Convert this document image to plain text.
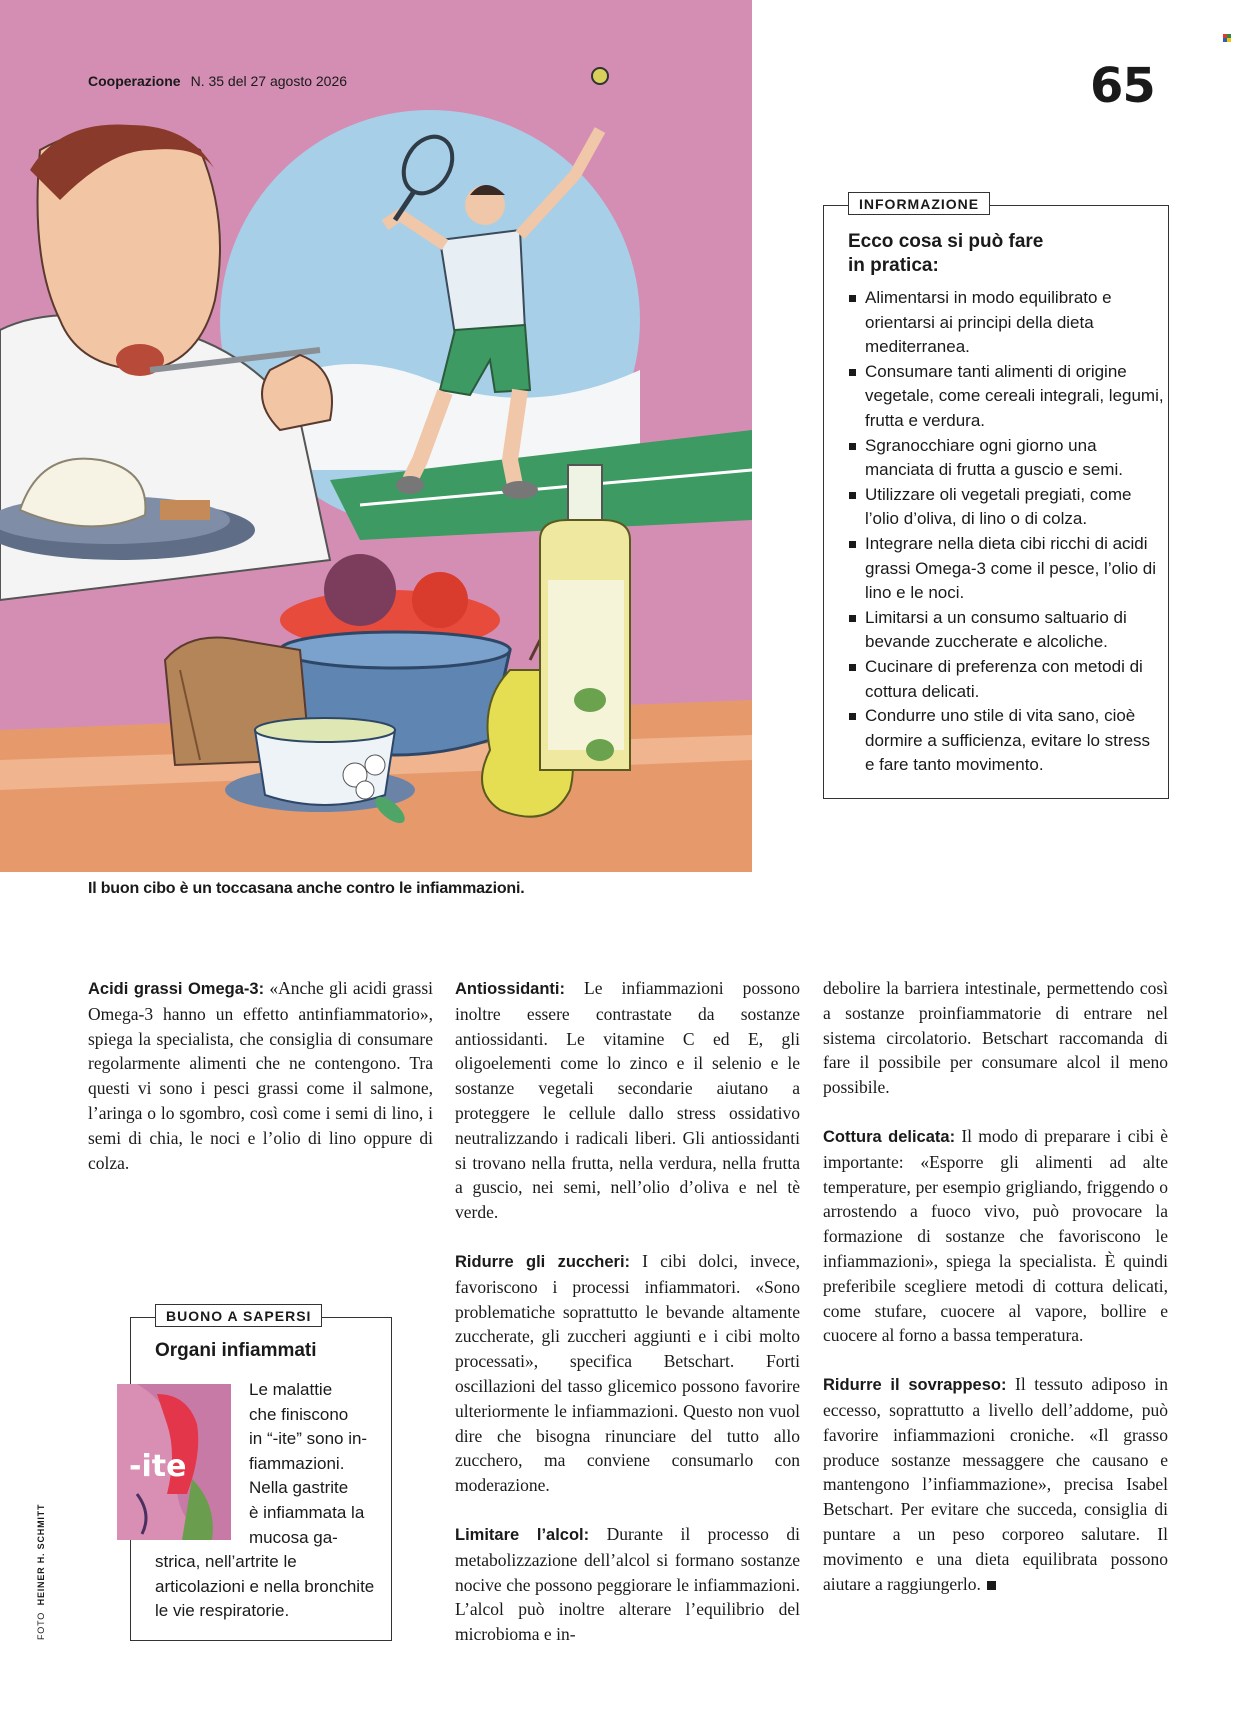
Cooperazione N. 35 del 27 agosto 2026	65
Il buon cibo è un toccasana anche contro le infiammazioni.
INFORMAZIONE
Ecco cosa si può fare
in pratica:
Alimentarsi in modo equilibrato e orientarsi ai principi della dieta mediterranea.
Consumare tanti alimenti di origine vegetale, come cereali integrali, legumi, frutta e verdura.
Sgranocchiare ogni giorno una manciata di frutta a guscio e semi.
Utilizzare oli vegetali pregiati, come l’olio d’oliva, di lino o di colza.
Integrare nella dieta cibi ricchi di acidi grassi Omega-3 come il pesce, l’olio di lino e le noci.
Limitarsi a un consumo saltuario di bevande zuccherate e alcoliche.
Cucinare di preferenza con metodi di cottura delicati.
Condurre uno stile di vita sano, cioè dormire a sufficienza, evitare lo stress e fare tanto movimento.

Acidi grassi Omega-3: «Anche gli acidi grassi Omega-3 hanno un effetto antinfiammatorio», spiega la specialista, che consiglia di consumare regolarmente alimenti che ne contengono. Tra questi vi sono i pesci grassi come il salmone, l’aringa o lo sgombro, così come i semi di lino, i semi di chia, le noci e l’olio di lino oppure di colza.

Antiossidanti: Le infiammazioni possono inoltre essere contrastate da sostanze antiossidanti. Le vitamine C ed E, gli oligoelementi come lo zinco e il selenio e le sostanze vegetali secondarie aiutano a proteggere le cellule dallo stress ossidativo neutralizzando i radicali liberi. Gli antiossidanti si trovano nella frutta, nella verdura, nella frutta a guscio, nei semi, nell’olio d’oliva e nel tè verde.

Ridurre gli zuccheri: I cibi dolci, invece, favoriscono i processi infiammatori. «Sono problematiche soprattutto le bevande altamente zuccherate, gli zuccheri aggiunti e i cibi molto processati», specifica Betschart. Forti oscillazioni del tasso glicemico possono favorire ulteriormente le infiammazioni. Questo non vuol dire che bisogna rinunciare del tutto allo zucchero, ma conviene consumarlo con moderazione.

Limitare l’alcol: Durante il processo di metabolizzazione dell’alcol si formano sostanze nocive che possono peggiorare le infiammazioni. L’alcol può inoltre alterare l’equilibrio del microbioma e in-

debolire la barriera intestinale, permettendo così a sostanze proinfiammatorie di entrare nel sistema circolatorio. Betschart raccomanda di fare il possibile per consumare alcol il meno possibile.

Cottura delicata: Il modo di preparare i cibi è importante: «Esporre gli alimenti ad alte temperature, per esempio grigliando, friggendo o arrostendo a fuoco vivo, può provocare la formazione di sostanze che favoriscono le infiammazioni», spiega la specialista. È quindi preferibile scegliere metodi di cottura delicati, come stufare, cuocere al vapore, bollire e cuocere al forno a bassa temperatura.

Ridurre il sovrappeso: Il tessuto adiposo in eccesso, soprattutto a livello dell’addome, può favorire infiammazioni croniche. «Il grasso produce sostanze messaggere che causano e mantengono l’infiammazione», precisa Isabel Betschart. Per evitare che succeda, consiglia di puntare a un peso corporeo salutare. Il movimento e una dieta equilibrata possono aiutare a raggiungerlo.

BUONO A SAPERSI
Organi infiammati
-ite
Le malattie
che finiscono
in “-ite” sono in-
fiammazioni.
Nella gastrite
è infiammata la
mucosa ga-
strica, nell’artrite le articolazioni e nella bronchite
le vie respiratorie.
FOTO  HEINER H. SCHMITT
